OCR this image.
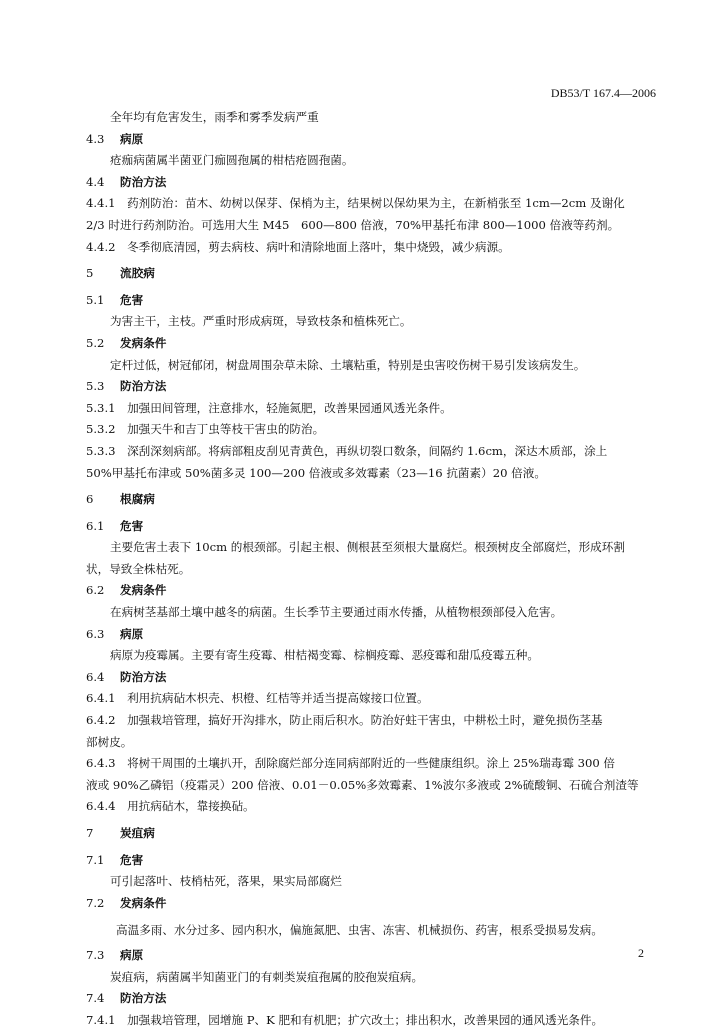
DB53/T 167.4—2006
全年均有危害发生，雨季和雾季发病严重
4.3 病原
疮痂病菌属半菌亚门痂圆孢属的柑桔疮圆孢菌。
4.4 防治方法
4.4.1　药剂防治：苗木、幼树以保芽、保梢为主，结果树以保幼果为主，在新梢张至 1cm—2cm 及谢化
2/3 时进行药剂防治。可选用大生 M45　600—800 倍液，70%甲基托布津 800—1000 倍液等药剂。
4.4.2　冬季彻底清园，剪去病枝、病叶和清除地面上落叶，集中烧毁，减少病源。
5 流胶病
5.1 危害
为害主干，主枝。严重时形成病斑，导致枝条和植株死亡。
5.2 发病条件
定杆过低，树冠郁闭，树盘周围杂草未除、土壤粘重，特别是虫害咬伤树干易引发该病发生。
5.3 防治方法
5.3.1　加强田间管理，注意排水，轻施氮肥，改善果园通风透光条件。
5.3.2　加强天牛和吉丁虫等枝干害虫的防治。
5.3.3　深刮深刻病部。将病部粗皮刮见青黄色，再纵切裂口数条，间隔约 1.6cm，深达木质部，涂上
50%甲基托布津或 50%菌多灵 100—200 倍液或多效霉素（23—16 抗菌素）20 倍液。
6 根腐病
6.1 危害
主要危害土表下 10cm 的根颈部。引起主根、侧根甚至须根大量腐烂。根颈树皮全部腐烂，形成环割
状，导致全株枯死。
6.2 发病条件
在病树茎基部土壤中越冬的病菌。生长季节主要通过雨水传播，从植物根颈部侵入危害。
6.3 病原
病原为疫霉属。主要有寄生疫霉、柑桔褐变霉、棕榈疫霉、恶疫霉和甜瓜疫霉五种。
6.4 防治方法
6.4.1　利用抗病砧木枳壳、枳橙、红桔等并适当提高嫁接口位置。
6.4.2　加强栽培管理，搞好开沟排水，防止雨后积水。防治好蛀干害虫，中耕松土时，避免损伤茎基
部树皮。
6.4.3　将树干周围的土壤扒开，刮除腐烂部分连同病部附近的一些健康组织。涂上 25%瑞毒霉 300 倍
液或 90%乙磷铝（疫霜灵）200 倍液、0.01－0.05%多效霉素、1%波尔多液或 2%硫酸铜、石硫合剂渣等
6.4.4　用抗病砧木，靠接换砧。
7 炭疽病
7.1 危害
可引起落叶、枝梢枯死，落果，果实局部腐烂
7.2 发病条件
高温多雨、水分过多、园内积水，偏施氮肥、虫害、冻害、机械损伤、药害，根系受损易发病。
7.3 病原
炭疽病，病菌属半知菌亚门的有刺类炭疽孢属的胶孢炭疽病。
7.4 防治方法
7.4.1　加强栽培管理，园增施 P、K 肥和有机肥；扩穴改土；排出积水，改善果园的通风透光条件。
2
